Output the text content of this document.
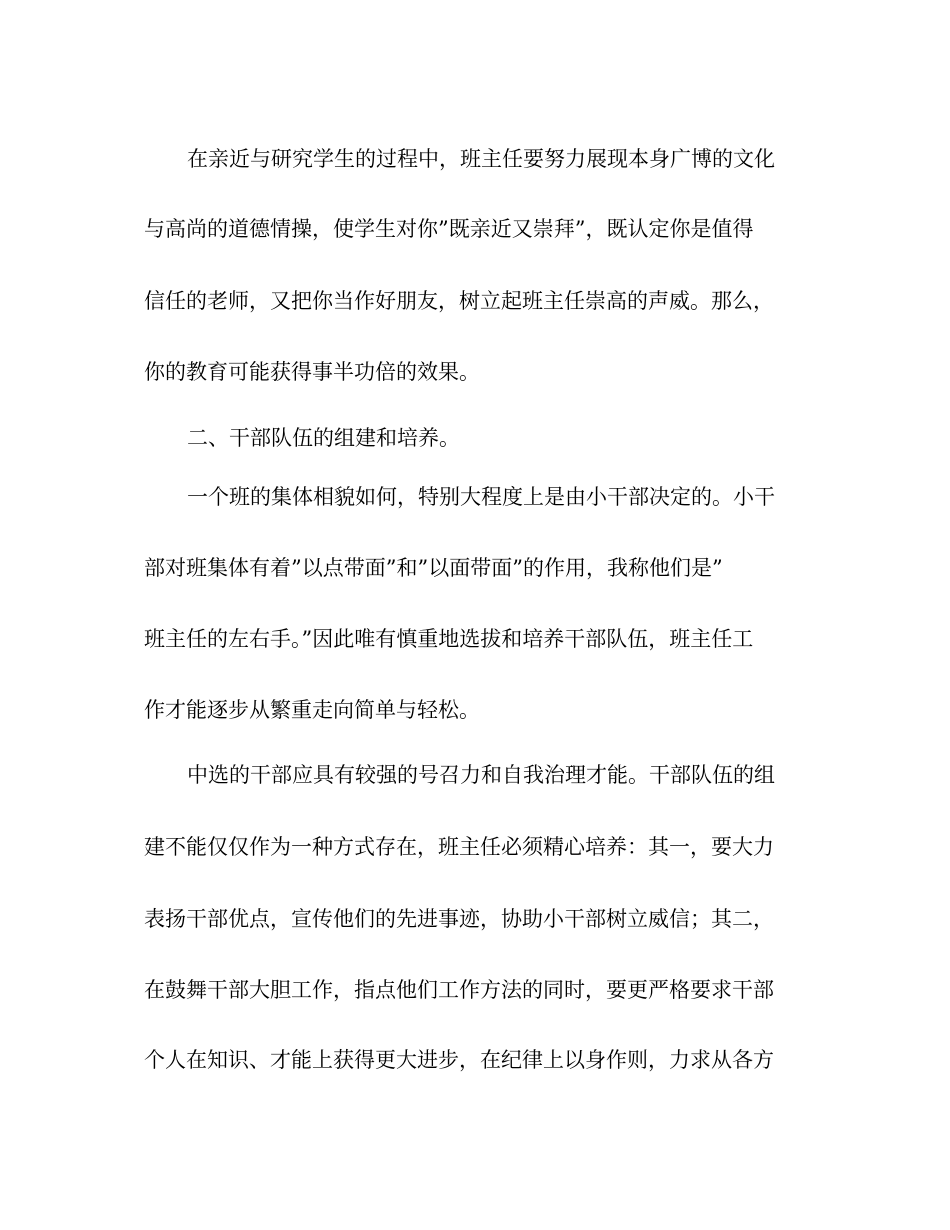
在亲近与研究学生的过程中，班主任要努力展现本身广博的文化
与高尚的道德情操，使学生对你”既亲近又崇拜”，既认定你是值得
信任的老师，又把你当作好朋友，树立起班主任崇高的声威。那么，
你的教育可能获得事半功倍的效果。
二、干部队伍的组建和培养。
一个班的集体相貌如何，特别大程度上是由小干部决定的。小干
部对班集体有着”以点带面”和”以面带面”的作用，我称他们是”
班主任的左右手。”因此唯有慎重地选拔和培养干部队伍，班主任工
作才能逐步从繁重走向简单与轻松。
中选的干部应具有较强的号召力和自我治理才能。干部队伍的组
建不能仅仅作为一种方式存在，班主任必须精心培养：其一，要大力
表扬干部优点，宣传他们的先进事迹，协助小干部树立威信；其二，
在鼓舞干部大胆工作，指点他们工作方法的同时，要更严格要求干部
个人在知识、才能上获得更大进步，在纪律上以身作则，力求从各方
